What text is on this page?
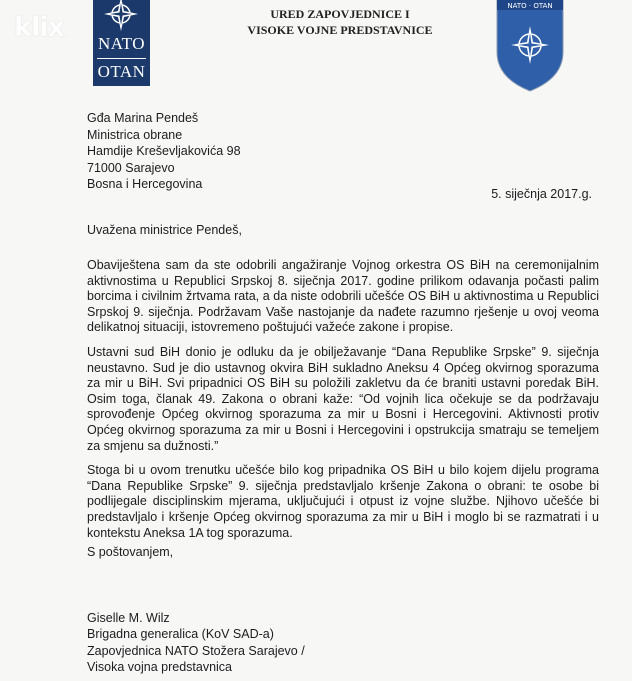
klix
NATO
OTAN
NATO · OTAN
URED ZAPOVJEDNICE I
VISOKE VOJNE PREDSTAVNICE
Gđa Marina Pendeš
Ministrica obrane
Hamdije Kreševljakovića 98
71000 Sarajevo
Bosna i Hercegovina
5. siječnja 2017.g.
Uvažena ministrice Pendeš,

Obaviještena sam da ste odobrili angažiranje Vojnog orkestra OS BiH na ceremonijalnim aktivnostima u Republici Srpskoj 8. siječnja 2017. godine prilikom odavanja počasti palim borcima i civilnim žrtvama rata, a da niste odobrili učešće OS BiH u aktivnostima u Republici Srpskoj 9. siječnja. Podržavam Vaše nastojanje da nađete razumno rješenje u ovoj veoma delikatnoj situaciji, istovremeno poštujući važeće zakone i propise.

Ustavni sud BiH donio je odluku da je obilježavanje “Dana Republike Srpske” 9. siječnja neustavno. Sud je dio ustavnog okvira BiH sukladno Aneksu 4 Općeg okvirnog sporazuma za mir u BiH. Svi pripadnici OS BiH su položili zakletvu da će braniti ustavni poredak BiH. Osim toga, članak 49. Zakona o obrani kaže: “Od vojnih lica očekuje se da podržavaju sprovođenje Općeg okvirnog sporazuma za mir u Bosni i Hercegovini. Aktivnosti protiv Općeg okvirnog sporazuma za mir u Bosni i Hercegovini i opstrukcija smatraju se temeljem za smjenu sa dužnosti.”

Stoga bi u ovom trenutku učešće bilo kog pripadnika OS BiH u bilo kojem dijelu programa “Dana Republike Srpske” 9. siječnja predstavljalo kršenje Zakona o obrani: te osobe bi podlijegale disciplinskim mjerama, uključujući i otpust iz vojne službe. Njihovo učešće bi predstavljalo i kršenje Općeg okvirnog sporazuma za mir u BiH i moglo bi se razmatrati i u kontekstu Aneksa 1A tog sporazuma.

S poštovanjem,
Giselle M. Wilz
Brigadna generalica (KoV SAD-a)
Zapovjednica NATO Stožera Sarajevo /
Visoka vojna predstavnica
